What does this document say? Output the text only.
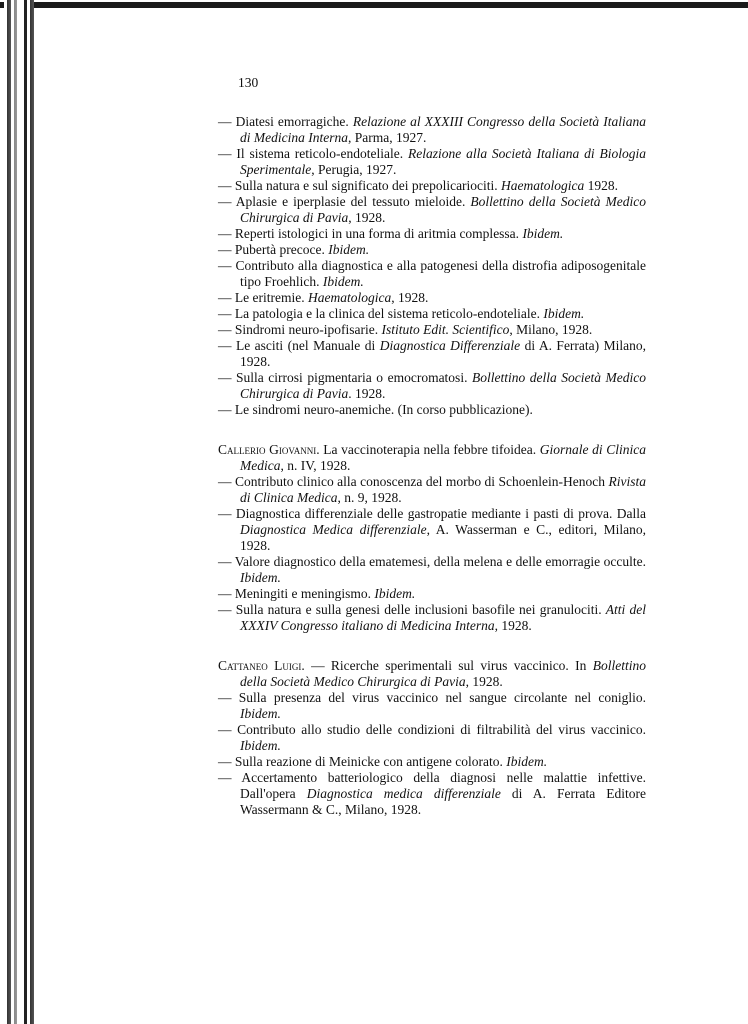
130
— Diatesi emorragiche. Relazione al XXXIII Congresso della Società Italiana di Medicina Interna, Parma, 1927.
— Il sistema reticolo-endoteliale. Relazione alla Società Italiana di Biologia Sperimentale, Perugia, 1927.
— Sulla natura e sul significato dei prepolicariociti. Haematologica 1928.
— Aplasie e iperplasie del tessuto mieloide. Bollettino della Società Medico Chirurgica di Pavia, 1928.
— Reperti istologici in una forma di aritmia complessa. Ibidem.
— Pubertà precoce. Ibidem.
— Contributo alla diagnostica e alla patogenesi della distrofia adiposogenitale tipo Froehlich. Ibidem.
— Le eritremie. Haematologica, 1928.
— La patologia e la clinica del sistema reticolo-endoteliale. Ibidem.
— Sindromi neuro-ipofisarie. Istituto Edit. Scientifico, Milano, 1928.
— Le asciti (nel Manuale di Diagnostica Differenziale di A. Ferrata) Milano, 1928.
— Sulla cirrosi pigmentaria o emocromatosi. Bollettino della Società Medico Chirurgica di Pavia. 1928.
— Le sindromi neuro-anemiche. (In corso pubblicazione).
Callerio Giovanni. La vaccinoterapia nella febbre tifoidea. Giornale di Clinica Medica, n. IV, 1928.
— Contributo clinico alla conoscenza del morbo di Schoenlein-Henoch Rivista di Clinica Medica, n. 9, 1928.
— Diagnostica differenziale delle gastropatie mediante i pasti di prova. Dalla Diagnostica Medica differenziale, A. Wasserman e C., editori, Milano, 1928.
— Valore diagnostico della ematemesi, della melena e delle emorragie occulte. Ibidem.
— Meningiti e meningismo. Ibidem.
— Sulla natura e sulla genesi delle inclusioni basofile nei granulociti. Atti del XXXIV Congresso italiano di Medicina Interna, 1928.
Cattaneo Luigi. — Ricerche sperimentali sul virus vaccinico. In Bollettino della Società Medico Chirurgica di Pavia, 1928.
— Sulla presenza del virus vaccinico nel sangue circolante nel coniglio. Ibidem.
— Contributo allo studio delle condizioni di filtrabilità del virus vaccinico. Ibidem.
— Sulla reazione di Meinicke con antigene colorato. Ibidem.
— Accertamento batteriologico della diagnosi nelle malattie infettive. Dall'opera Diagnostica medica differenziale di A. Ferrata Editore Wassermann & C., Milano, 1928.
